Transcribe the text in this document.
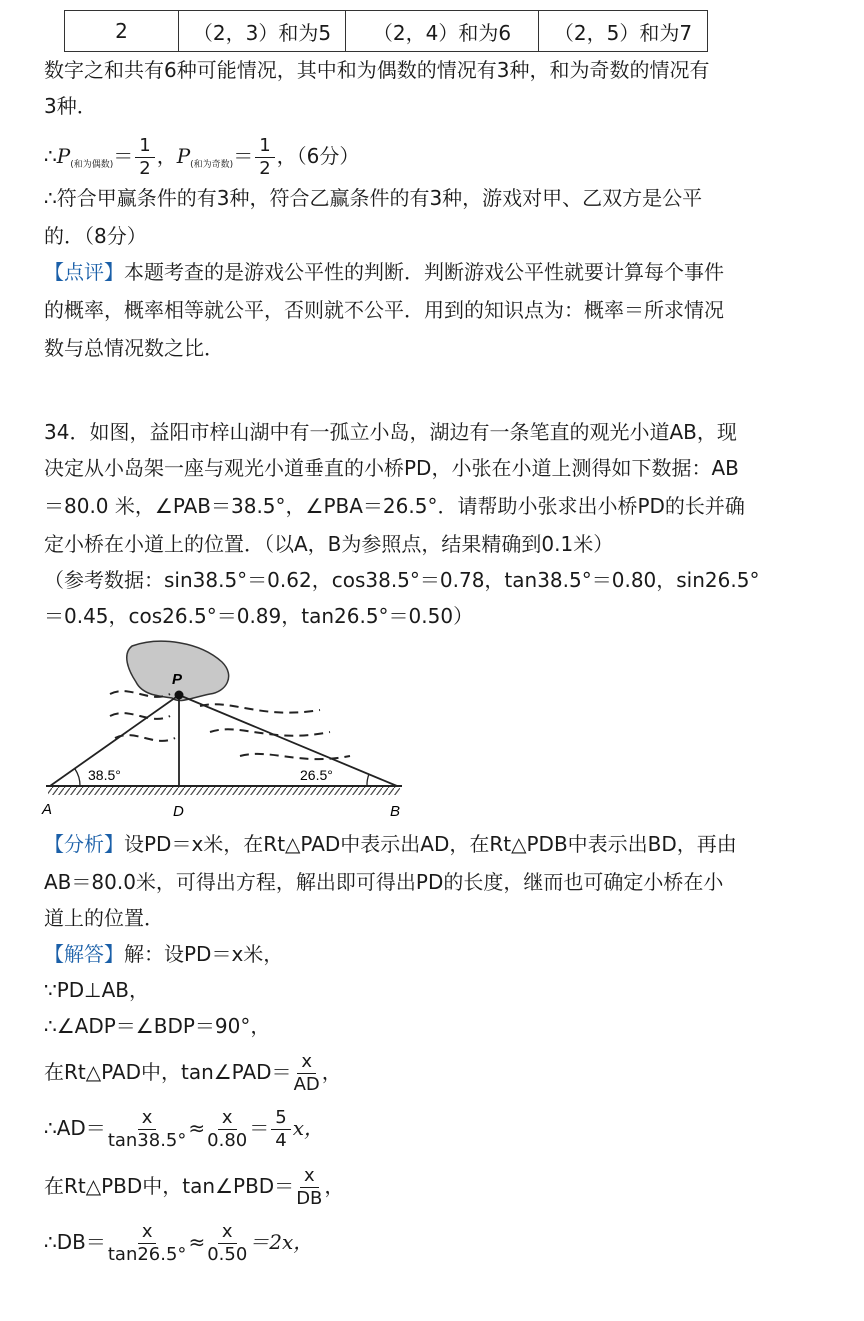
2	（2，3）和为5	（2，4）和为6	（2，5）和为7
数字之和共有6种可能情况，其中和为偶数的情况有3种，和为奇数的情况有
3种．
$\therefore P_{(和为偶数)}= \frac{1}{2}$ ，$P_{(和为奇数)}= \frac{1}{2}$ ，（6分）
∴符合甲赢条件的有3种，符合乙赢条件的有3种，游戏对甲、乙双方是公平
的．（8分）
【点评】本题考查的是游戏公平性的判断．判断游戏公平性就要计算每个事件
的概率，概率相等就公平，否则就不公平．用到的知识点为：概率＝所求情况
数与总情况数之比．
34．如图，益阳市梓山湖中有一孤立小岛，湖边有一条笔直的观光小道AB，现
决定从小岛架一座与观光小道垂直的小桥PD，小张在小道上测得如下数据：AB
＝80.0 米，∠PAB＝38.5°，∠PBA＝26.5°．请帮助小张求出小桥PD的长并确
定小桥在小道上的位置．（以A，B为参照点，结果精确到0.1米）
（参考数据：sin38.5°＝0.62，cos38.5°＝0.78，tan38.5°＝0.80，sin26.5°
＝0.45，cos26.5°＝0.89，tan26.5°＝0.50）
P
38.5°	26.5°
A	D	B
【分析】设PD＝x米，在Rt△PAD中表示出AD，在Rt△PDB中表示出BD，再由
AB＝80.0米，可得出方程，解出即可得出PD的长度，继而也可确定小桥在小
道上的位置．
【解答】解：设PD＝x米，
∵PD⊥AB，
∴∠ADP＝∠BDP＝90°，
在Rt△PAD中，tan∠PAD＝ $\frac{x}{AD}$ ，
∴AD＝ $\frac{x}{\tan 38.5^\circ} \approx \frac{x}{0.80} = \frac{5}{4}$ x，
在Rt△PBD中，tan∠PBD＝ $\frac{x}{DB}$ ，
∴DB＝ $\frac{x}{\tan 26.5^\circ} \approx \frac{x}{0.50} =2x$，
